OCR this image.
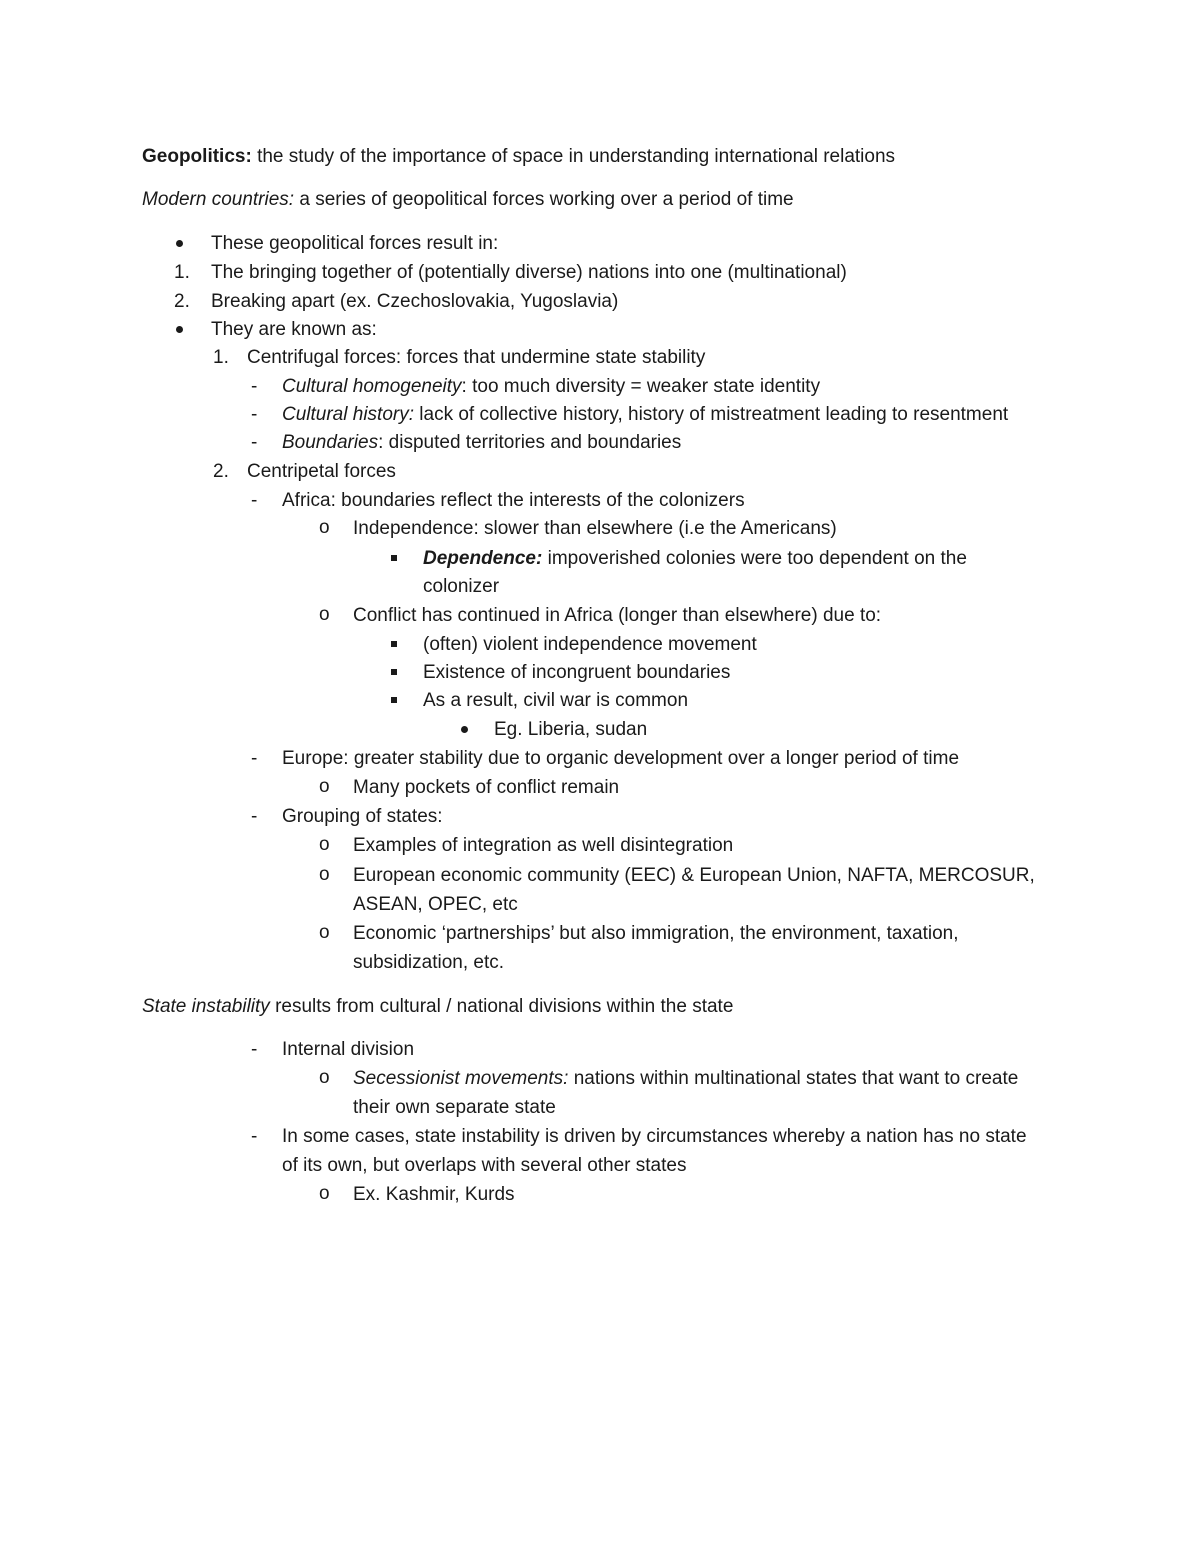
Geopolitics: the study of the importance of space in understanding international relations
Modern countries: a series of geopolitical forces working over a period of time
These geopolitical forces result in:
1. The bringing together of (potentially diverse) nations into one (multinational)
2. Breaking apart (ex. Czechoslovakia, Yugoslavia)
They are known as:
1. Centrifugal forces: forces that undermine state stability
- Cultural homogeneity: too much diversity = weaker state identity
- Cultural history: lack of collective history, history of mistreatment leading to resentment
- Boundaries: disputed territories and boundaries
2. Centripetal forces
- Africa: boundaries reflect the interests of the colonizers
o Independence: slower than elsewhere (i.e the Americans)
Dependence: impoverished colonies were too dependent on the
colonizer
o Conflict has continued in Africa (longer than elsewhere) due to:
(often) violent independence movement
Existence of incongruent boundaries
As a result, civil war is common
Eg. Liberia, sudan
- Europe: greater stability due to organic development over a longer period of time
o Many pockets of conflict remain
- Grouping of states:
o Examples of integration as well disintegration
o European economic community (EEC) & European Union, NAFTA, MERCOSUR,
ASEAN, OPEC, etc
o Economic ‘partnerships’ but also immigration, the environment, taxation,
subsidization, etc.
State instability results from cultural / national divisions within the state
- Internal division
o Secessionist movements: nations within multinational states that want to create
their own separate state
- In some cases, state instability is driven by circumstances whereby a nation has no state
of its own, but overlaps with several other states
o Ex. Kashmir, Kurds
